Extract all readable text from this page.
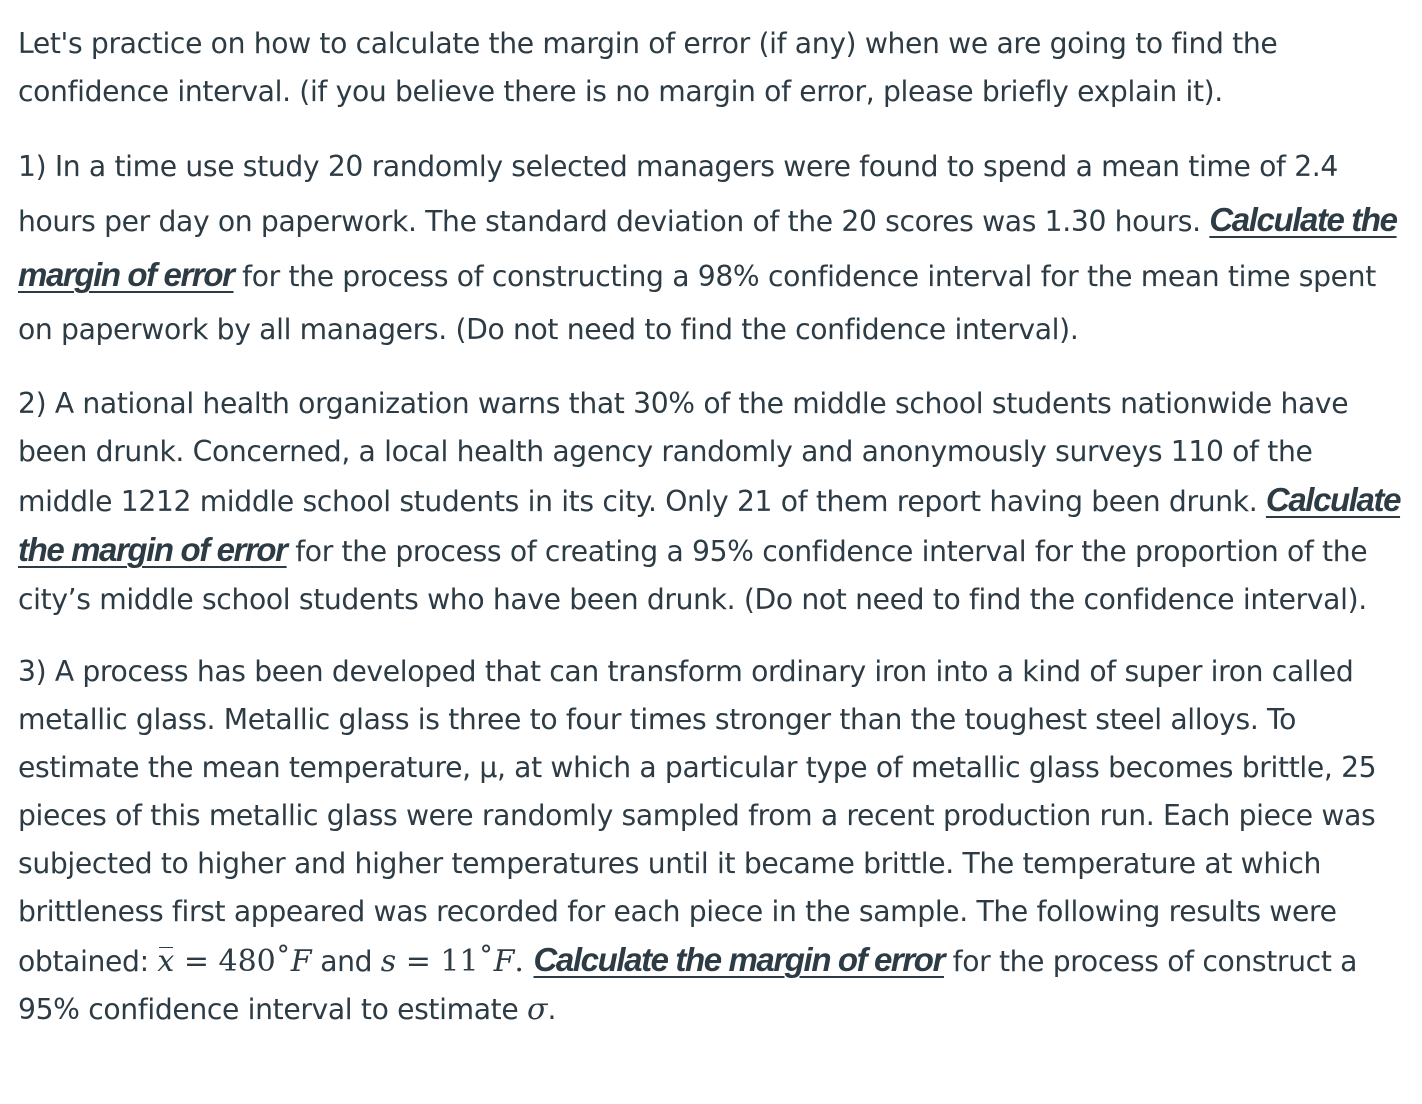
Let's practice on how to calculate the margin of error (if any) when we are going to find the confidence interval. (if you believe there is no margin of error, please briefly explain it).

1) In a time use study 20 randomly selected managers were found to spend a mean time of 2.4 hours per day on paperwork. The standard deviation of the 20 scores was 1.30 hours. Calculate the margin of error for the process of constructing a 98% confidence interval for the mean time spent on paperwork by all managers. (Do not need to find the confidence interval).

2) A national health organization warns that 30% of the middle school students nationwide have been drunk. Concerned, a local health agency randomly and anonymously surveys 110 of the middle 1212 middle school students in its city. Only 21 of them report having been drunk. Calculate the margin of error for the process of creating a 95% confidence interval for the proportion of the city’s middle school students who have been drunk. (Do not need to find the confidence interval).

3) A process has been developed that can transform ordinary iron into a kind of super iron called metallic glass. Metallic glass is three to four times stronger than the toughest steel alloys. To estimate the mean temperature, μ, at which a particular type of metallic glass becomes brittle, 25 pieces of this metallic glass were randomly sampled from a recent production run. Each piece was subjected to higher and higher temperatures until it became brittle. The temperature at which brittleness first appeared was recorded for each piece in the sample. The following results were obtained: x = 480˚F and s = 11˚F. Calculate the margin of error for the process of construct a 95% confidence interval to estimate σ.
